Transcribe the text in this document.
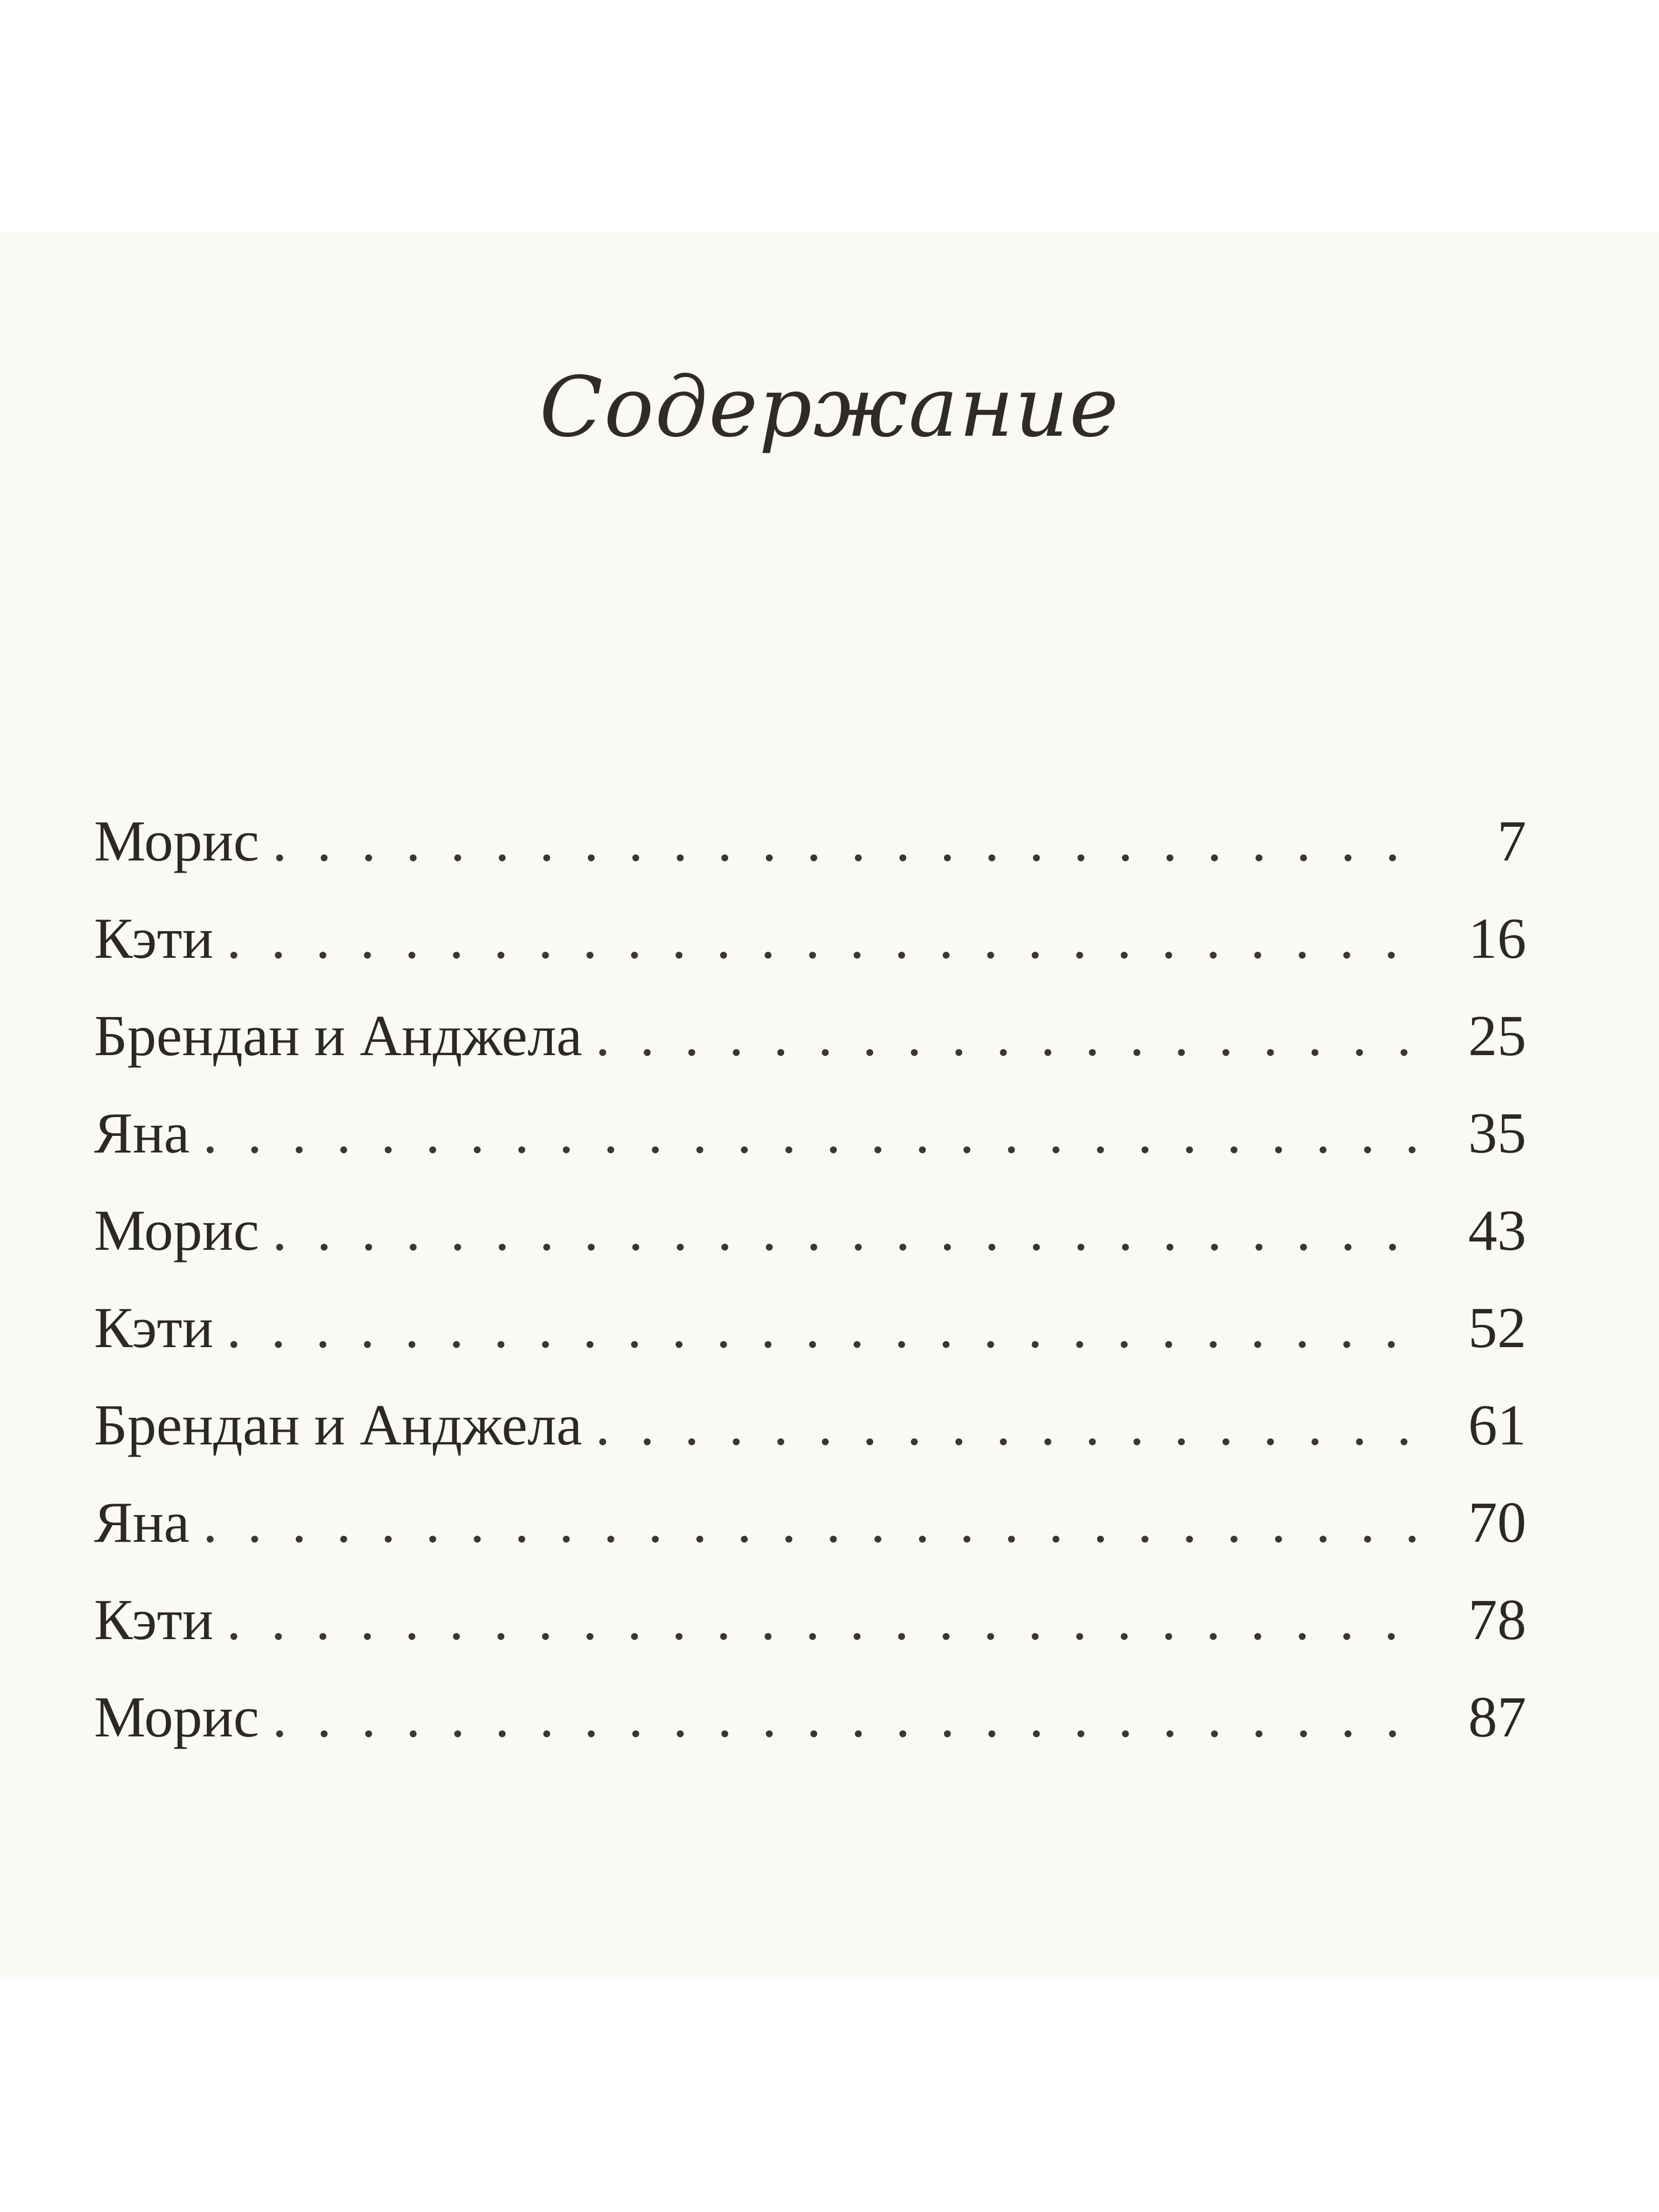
Содержание
Морис . . .	7
Кэти . . .	16
Брендан и Анджела . . .	25
Яна . . .	35
Морис . . .	43
Кэти . . .	52
Брендан и Анджела . . .	61
Яна . . .	70
Кэти . . .	78
Морис . . .	87
